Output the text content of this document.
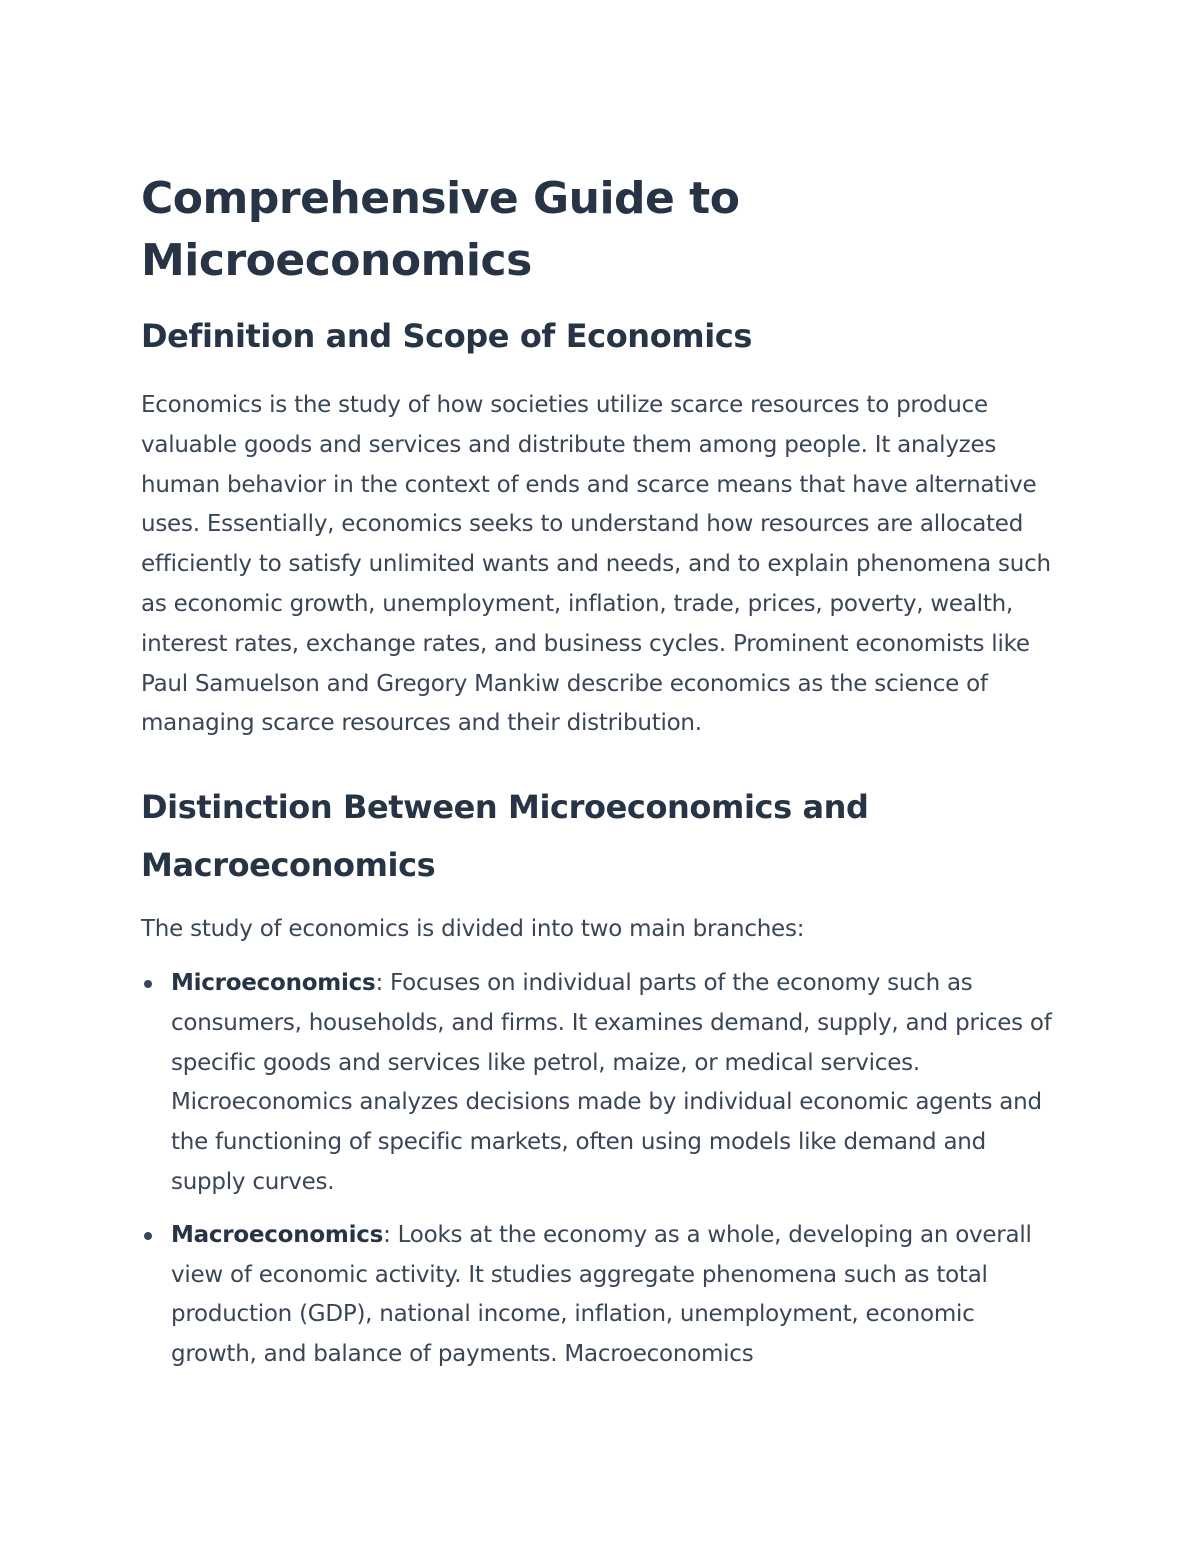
Comprehensive Guide to Microeconomics
Definition and Scope of Economics

Economics is the study of how societies utilize scarce resources to produce valuable goods and services and distribute them among people. It analyzes human behavior in the context of ends and scarce means that have alternative uses. Essentially, economics seeks to understand how resources are allocated efficiently to satisfy unlimited wants and needs, and to explain phenomena such as economic growth, unemployment, inflation, trade, prices, poverty, wealth, interest rates, exchange rates, and business cycles. Prominent economists like Paul Samuelson and Gregory Mankiw describe economics as the science of managing scarce resources and their distribution.

Distinction Between Microeconomics and Macroeconomics

The study of economics is divided into two main branches:

Microeconomics: Focuses on individual parts of the economy such as consumers, households, and firms. It examines demand, supply, and prices of specific goods and services like petrol, maize, or medical services. Microeconomics analyzes decisions made by individual economic agents and the functioning of specific markets, often using models like demand and supply curves.
Macroeconomics: Looks at the economy as a whole, developing an overall view of economic activity. It studies aggregate phenomena such as total production (GDP), national income, inflation, unemployment, economic growth, and balance of payments. Macroeconomics
